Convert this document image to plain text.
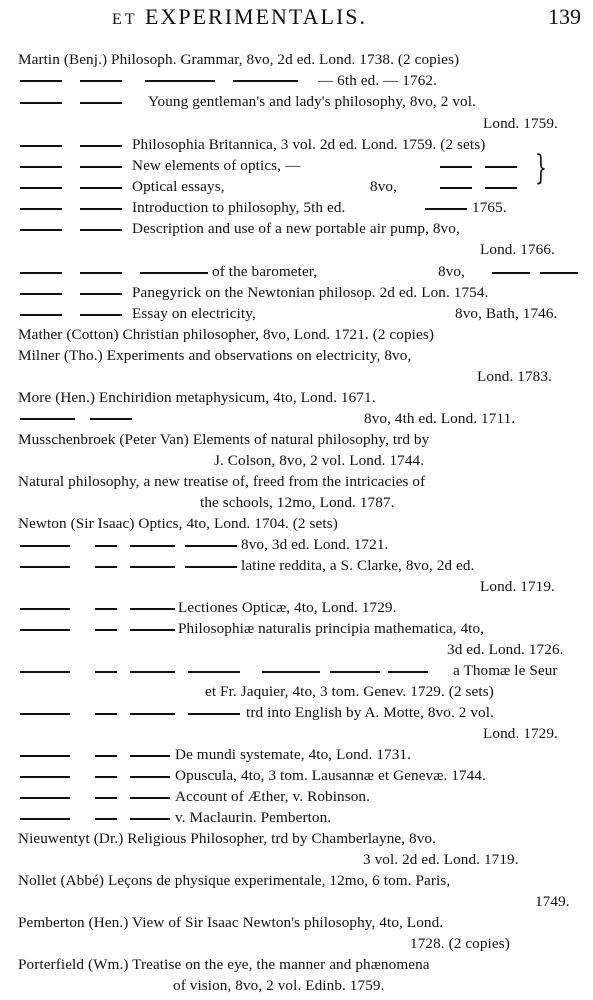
ET EXPERIMENTALIS.	139
Martin (Benj.) Philosoph. Grammar, 8vo, 2d ed. Lond. 1738. (2 copies)
— 6th ed. — 1762.
Young gentleman's and lady's philosophy, 8vo, 2 vol.
Lond. 1759.
Philosophia Britannica, 3 vol. 2d ed. Lond. 1759. (2 sets)
New elements of optics, —
Optical essays,	8vo,	}
Introduction to philosophy, 5th ed.	1765.
Description and use of a new portable air pump, 8vo,
Lond. 1766.
of the barometer,	8vo,
Panegyrick on the Newtonian philosop. 2d ed. Lon. 1754.
Essay on electricity,	8vo, Bath, 1746.
Mather (Cotton) Christian philosopher, 8vo, Lond. 1721. (2 copies)
Milner (Tho.) Experiments and observations on electricity, 8vo,
Lond. 1783.
More (Hen.) Enchiridion metaphysicum, 4to, Lond. 1671.
8vo, 4th ed. Lond. 1711.
Musschenbroek (Peter Van) Elements of natural philosophy, trd by
J. Colson, 8vo, 2 vol. Lond. 1744.
Natural philosophy, a new treatise of, freed from the intricacies of
the schools, 12mo, Lond. 1787.
Newton (Sir Isaac) Optics, 4to, Lond. 1704. (2 sets)
8vo, 3d ed. Lond. 1721.
latine reddita, a S. Clarke, 8vo, 2d ed.
Lond. 1719.
Lectiones Opticæ, 4to, Lond. 1729.
Philosophiæ naturalis principia mathematica, 4to,
3d ed. Lond. 1726.
a Thomæ le Seur
et Fr. Jaquier, 4to, 3 tom. Genev. 1729. (2 sets)
trd into English by A. Motte, 8vo. 2 vol.
Lond. 1729.
De mundi systemate, 4to, Lond. 1731.
Opuscula, 4to, 3 tom. Lausannæ et Genevæ. 1744.
Account of Æther, v. Robinson.
v. Maclaurin. Pemberton.
Nieuwentyt (Dr.) Religious Philosopher, trd by Chamberlayne, 8vo.
3 vol. 2d ed. Lond. 1719.
Nollet (Abbé) Leçons de physique experimentale, 12mo, 6 tom. Paris,
1749.
Pemberton (Hen.) View of Sir Isaac Newton's philosophy, 4to, Lond.
1728. (2 copies)
Porterfield (Wm.) Treatise on the eye, the manner and phænomena
of vision, 8vo, 2 vol. Edinb. 1759.
